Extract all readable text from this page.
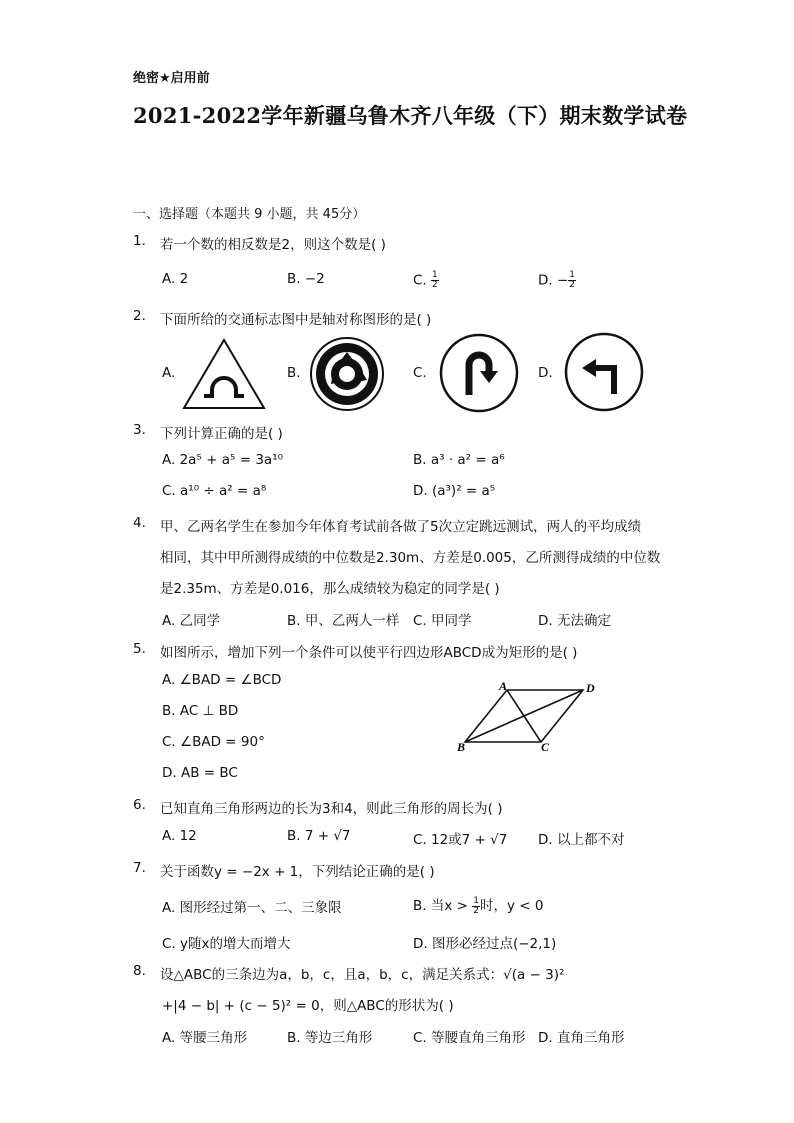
绝密★启用前
2021-2022学年新疆乌鲁木齐八年级（下）期末数学试卷
一、选择题（本题共 9 小题，共 45分）
1. 若一个数的相反数是2，则这个数是( )
A. 2	B. −2	C. $\frac{1}{2}$	D. − $\frac{1}{2}$
2. 下面所给的交通标志图中是轴对称图形的是( )
A.	B.	C.	D.
3. 下列计算正确的是( )
A. 2a⁵ + a⁵ = 3a¹⁰	B. a³ · a² = a⁶
C. a¹⁰ ÷ a² = a⁸	D. (a³)² = a⁵
4. 甲、乙两名学生在参加今年体育考试前各做了5次立定跳远测试，两人的平均成绩
相同，其中甲所测得成绩的中位数是2.30m、方差是0.005，乙所测得成绩的中位数
是2.35m、方差是0.016，那么成绩较为稳定的同学是( )
A. 乙同学	B. 甲、乙两人一样 C. 甲同学	D. 无法确定
5. 如图所示，增加下列一个条件可以使平行四边形ABCD成为矩形的是( )
A. ∠BAD = ∠BCD
B. AC ⊥ BD
C. ∠BAD = 90°
D. AB = BC
A	D
B	C
6. 已知直角三角形两边的长为3和4，则此三角形的周长为( )
A. 12	B. 7 + √7	C. 12或7 + √7 D. 以上都不对
7. 关于函数y = −2x + 1，下列结论正确的是( )
A. 图形经过第一、二、三象限	B. 当$x > \frac{1}{2}$ 时，y < 0
C. y随x的增大而增大	D. 图形必经过点(−2,1)
8. 设△ABC的三条边为a，b，c，且a，b，c，满足关系式：√(a − 3)²
+|4 − b| + (c − 5)² = 0，则△ABC的形状为( )
A. 等腰三角形	B. 等边三角形	C. 等腰直角三角形 D. 直角三角形
